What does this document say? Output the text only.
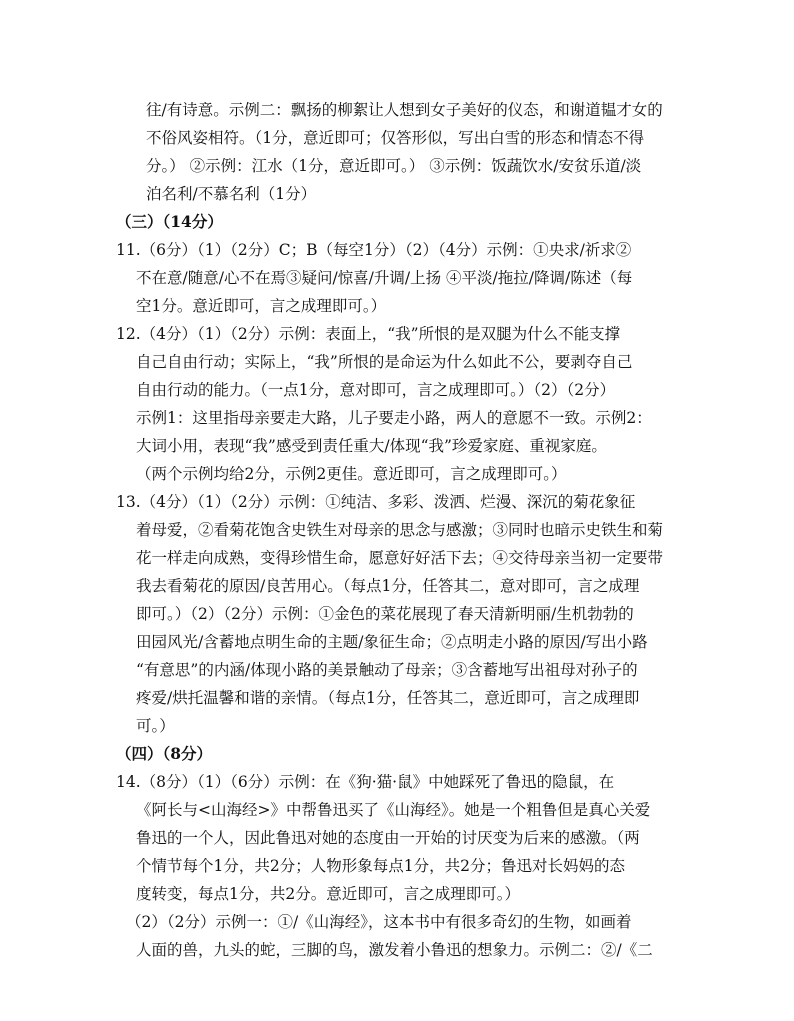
往/有诗意。示例二：飘扬的柳絮让人想到女子美好的仪态，和谢道韫才女的
不俗风姿相符。（1分，意近即可；仅答形似，写出白雪的形态和情态不得
分。） ②示例：江水（1分，意近即可。） ③示例：饭蔬饮水/安贫乐道/淡
泊名利/不慕名利（1分）
（三）（14分）
11.（6分）（1）（2分）C；B（每空1分）（2）（4分）示例：①央求/祈求②
不在意/随意/心不在焉③疑问/惊喜/升调/上扬 ④平淡/拖拉/降调/陈述（每
空1分。意近即可，言之成理即可。）
12.（4分）（1）（2分）示例：表面上，“我”所恨的是双腿为什么不能支撑
自己自由行动；实际上，“我”所恨的是命运为什么如此不公，要剥夺自己
自由行动的能力。（一点1分，意对即可，言之成理即可。）（2）（2分）
示例1：这里指母亲要走大路，儿子要走小路，两人的意愿不一致。示例2：
大词小用，表现“我”感受到责任重大/体现“我”珍爱家庭、重视家庭。
（两个示例均给2分，示例2更佳。意近即可，言之成理即可。）
13.（4分）（1）（2分）示例：①纯洁、多彩、泼洒、烂漫、深沉的菊花象征
着母爱，②看菊花饱含史铁生对母亲的思念与感激；③同时也暗示史铁生和菊
花一样走向成熟，变得珍惜生命，愿意好好活下去；④交待母亲当初一定要带
我去看菊花的原因/良苦用心。（每点1分，任答其二，意对即可，言之成理
即可。）（2）（2分）示例：①金色的菜花展现了春天清新明丽/生机勃勃的
田园风光/含蓄地点明生命的主题/象征生命；②点明走小路的原因/写出小路
“有意思”的内涵/体现小路的美景触动了母亲；③含蓄地写出祖母对孙子的
疼爱/烘托温馨和谐的亲情。（每点1分，任答其二，意近即可，言之成理即
可。）
（四）（8分）
14.（8分）（1）（6分）示例：在《狗·猫·鼠》中她踩死了鲁迅的隐鼠，在
《阿长与<山海经>》中帮鲁迅买了《山海经》。她是一个粗鲁但是真心关爱
鲁迅的一个人，因此鲁迅对她的态度由一开始的讨厌变为后来的感激。（两
个情节每个1分，共2分；人物形象每点1分，共2分；鲁迅对长妈妈的态
度转变，每点1分，共2分。意近即可，言之成理即可。）
（2）（2分）示例一：①/《山海经》，这本书中有很多奇幻的生物，如画着
人面的兽，九头的蛇，三脚的鸟，激发着小鲁迅的想象力。示例二：②/《二
